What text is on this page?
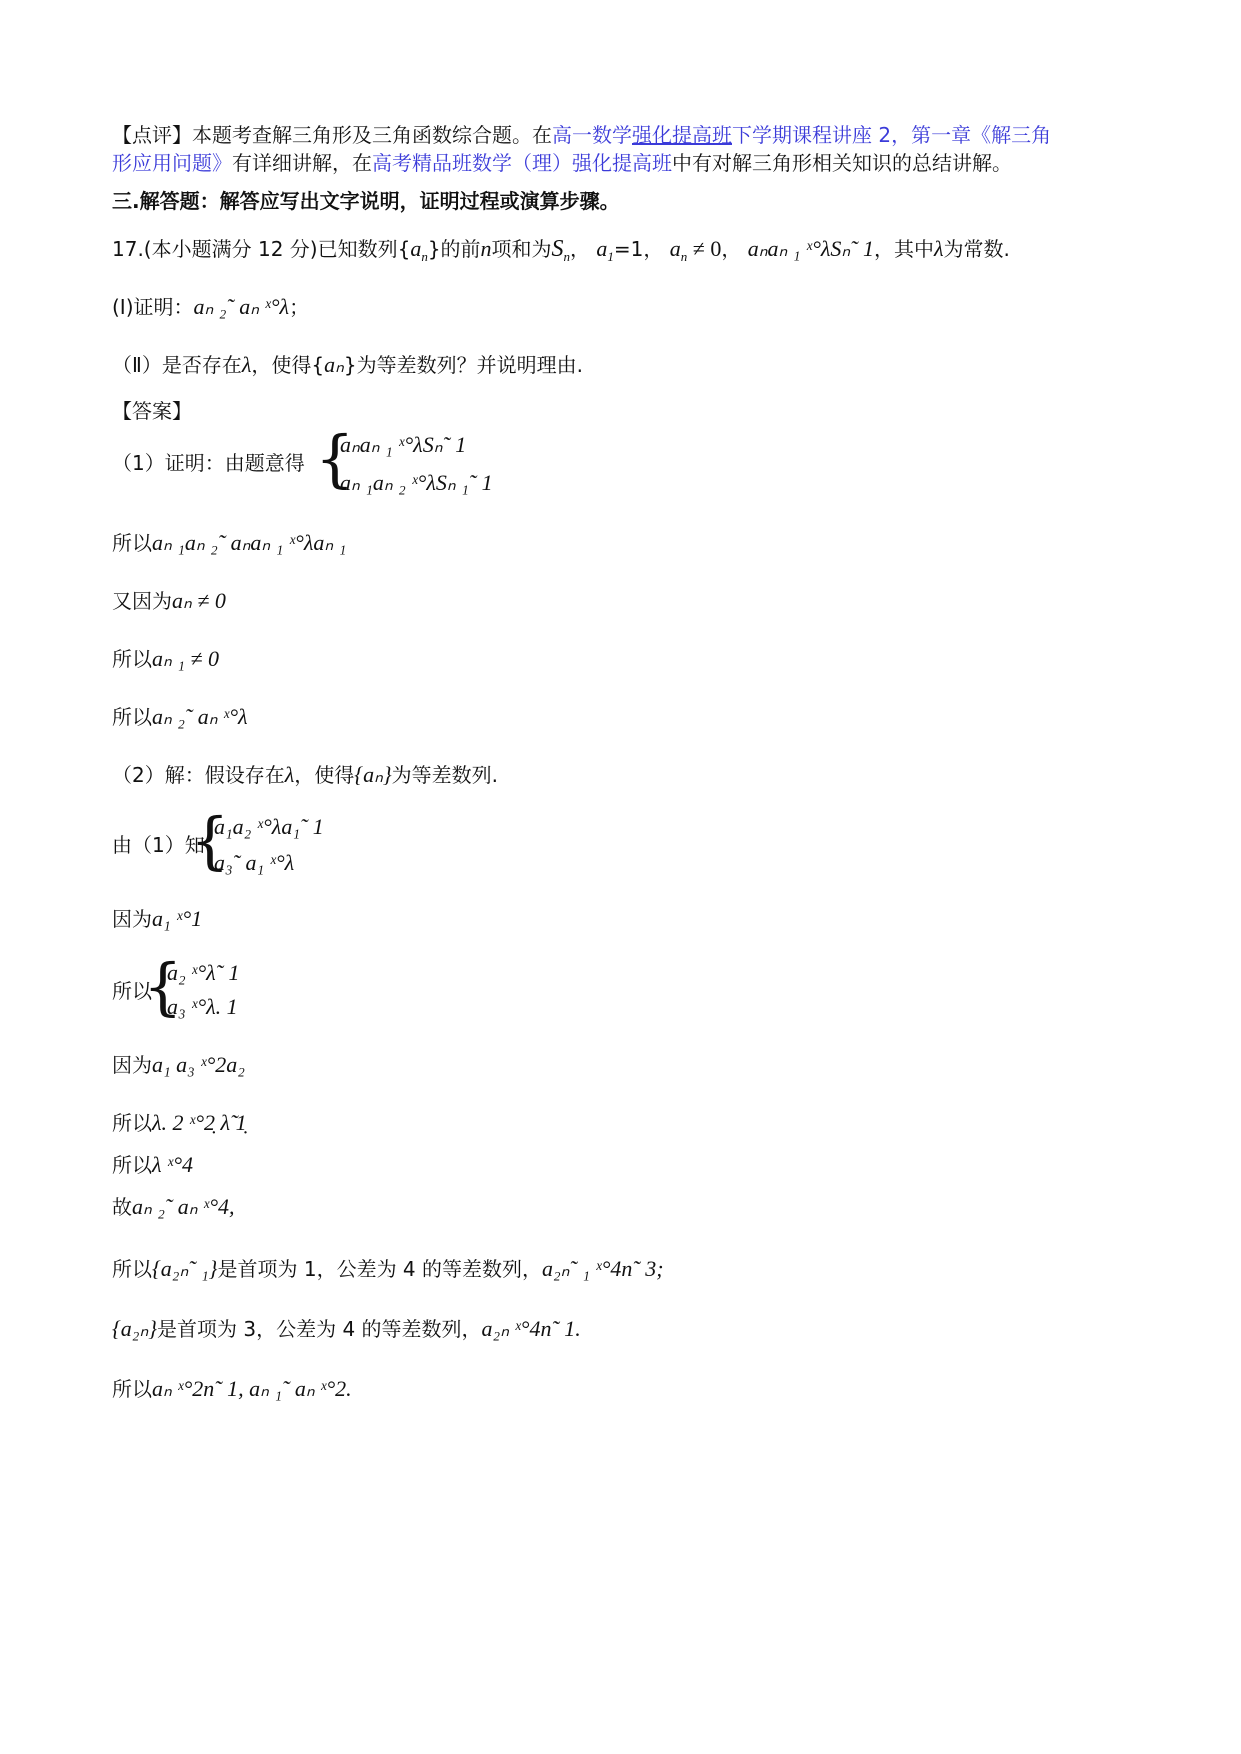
【点评】本题考查解三角形及三角函数综合题。在高一数学强化提高班下学期课程讲座 2，第一章《解三角
形应用问题》有详细讲解，在高考精品班数学（理）强化提高班中有对解三角形相关知识的总结讲解。
三.解答题：解答应写出文字说明，证明过程或演算步骤。
17.(本小题满分 12 分)已知数列$\{a_n\}$的前n项和为$S_n$， $a_1=1$， $a_n \ne 0$， aₙaₙ ₁ ˣ°λSₙ˜ 1，其中λ为常数.
(Ⅰ)证明：aₙ ₂˜ aₙ ˣ°λ；
（Ⅱ）是否存在λ，使得{aₙ}为等差数列？并说明理由.
【答案】
（1）证明：由题意得 {
aₙaₙ ₁ ˣ°λSₙ˜ 1
aₙ ₁aₙ ₂ ˣ°λSₙ ₁˜ 1
所以aₙ ₁aₙ ₂˜ aₙaₙ ₁ ˣ°λaₙ ₁
又因为aₙ ≠ 0
所以aₙ ₁ ≠ 0
所以aₙ ₂˜ aₙ ˣ°λ
（2）解：假设存在λ，使得{aₙ}为等差数列.
由（1）知
{
a₁a₂ ˣ°λa₁˜ 1
a₃˜ a₁ ˣ°λ
因为a₁ ˣ°1
所以
{
a₂ ˣ°λ˜ 1
a₃ ˣ°λ. 1
因为a₁ a₃ ˣ°2a₂
所以λ. 2 ˣ°2̣ λ̃ 1̣
所以λ ˣ°4
故aₙ ₂˜ aₙ ˣ°4,
所以{a₂ₙ˜ ₁}是首项为 1，公差为 4 的等差数列，a₂ₙ˜ ₁ ˣ°4n˜ 3;
{a₂ₙ}是首项为 3，公差为 4 的等差数列，a₂ₙ ˣ°4n˜ 1.
所以aₙ ˣ°2n˜ 1, aₙ ₁˜ aₙ ˣ°2.
